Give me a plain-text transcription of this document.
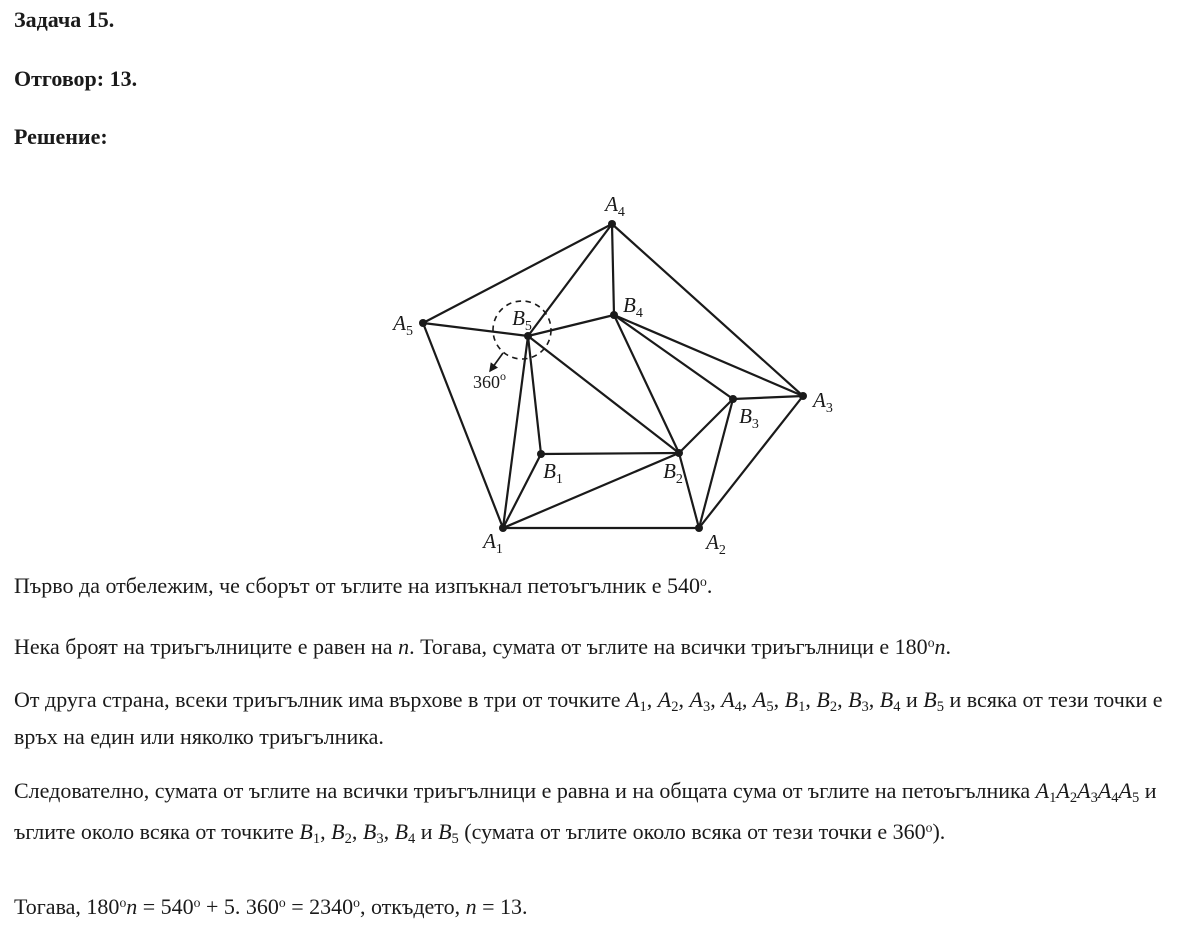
Задача 15.
Отговор: 13.
Решение:
360$^o$
$A_1$	$A_2$
$A_3$
$A_4$
$A_5$
$B_1$	$B_2$
$B_3$
$B_4$
$B_5$
Първо да отбележим, че сборът от ъглите на изпъкнал петоъгълник е 540$^o$.
Нека броят на триъгълниците е равен на n. Тогава, сумата от ъглите на всички триъгълници е 180$^o$n.
От друга страна, всеки триъгълник има върхове в три от точките A1, A2, A3, A4, A5, B1, B2, B3, B4 и B5 и всяка от тези точки е връх на един или няколко триъгълника.
Следователно, сумата от ъглите на всички триъгълници е равна и на общата сума от ъглите на петоъгълника A1A2A3A4A5 и ъглите около всяка от точките B1, B2, B3, B4 и B5 (сумата от ъглите около всяка от тези точки е 360$^o$).
Тогава, $180^on = 540^o + 5$. $360^o = 2340^o$, откъдето, n = 13.
